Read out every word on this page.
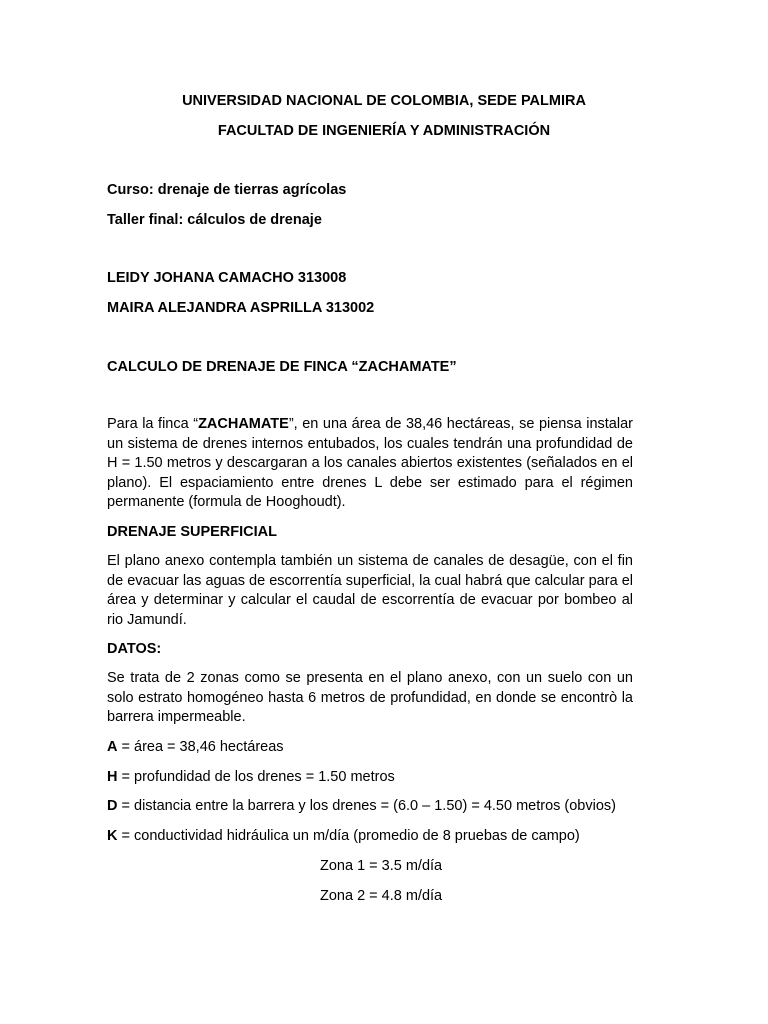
UNIVERSIDAD NACIONAL DE COLOMBIA, SEDE PALMIRA
FACULTAD DE INGENIERÍA Y ADMINISTRACIÓN
Curso: drenaje de tierras agrícolas
Taller final: cálculos de drenaje
LEIDY JOHANA CAMACHO 313008
MAIRA ALEJANDRA ASPRILLA 313002
CALCULO DE DRENAJE DE FINCA “ZACHAMATE”
Para la finca “ZACHAMATE”, en una área de 38,46 hectáreas, se piensa instalar un sistema de drenes internos entubados, los cuales tendrán una profundidad de H = 1.50 metros y descargaran a los canales abiertos existentes (señalados en el plano). El espaciamiento entre drenes L debe ser estimado para el régimen permanente (formula de Hooghoudt).
DRENAJE SUPERFICIAL
El plano anexo contempla también un sistema de canales de desagüe, con el fin de evacuar las aguas de escorrentía superficial, la cual habrá que calcular para el área y determinar y calcular el caudal de escorrentía de evacuar por bombeo al rio Jamundí.
DATOS:
Se trata de 2 zonas como se presenta en el plano anexo, con un suelo con un solo estrato homogéneo hasta 6 metros de profundidad, en donde se encontrò la barrera impermeable.
A = área = 38,46 hectáreas
H = profundidad de los drenes = 1.50 metros
D = distancia entre la barrera y los drenes = (6.0 – 1.50) = 4.50 metros (obvios)
K = conductividad hidráulica un m/día (promedio de 8 pruebas de campo)
Zona 1 = 3.5 m/día
Zona 2 = 4.8 m/día
